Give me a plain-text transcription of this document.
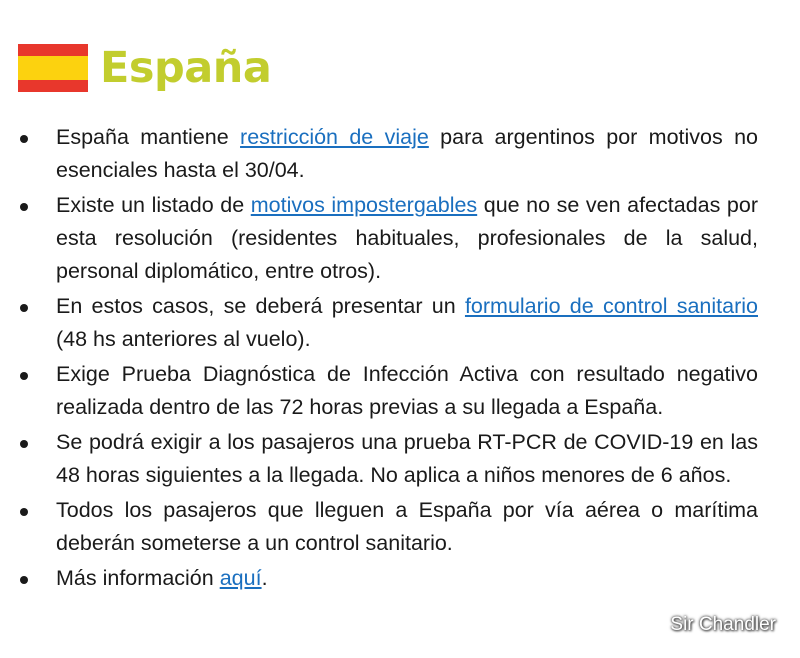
España
España mantiene restricción de viaje para argentinos por motivos no esenciales hasta el 30/04.
Existe un listado de motivos impostergables que no se ven afectadas por esta resolución (residentes habituales, profesionales de la salud, personal diplomático, entre otros).
En estos casos, se deberá presentar un formulario de control sanitario (48 hs anteriores al vuelo).
Exige Prueba Diagnóstica de Infección Activa con resultado negativo realizada dentro de las 72 horas previas a su llegada a España.
Se podrá exigir a los pasajeros una prueba RT-PCR de COVID-19 en las 48 horas siguientes a la llegada. No aplica a niños menores de 6 años.
Todos los pasajeros que lleguen a España por vía aérea o marítima deberán someterse a un control sanitario.
Más información aquí.
Sir Chandler
